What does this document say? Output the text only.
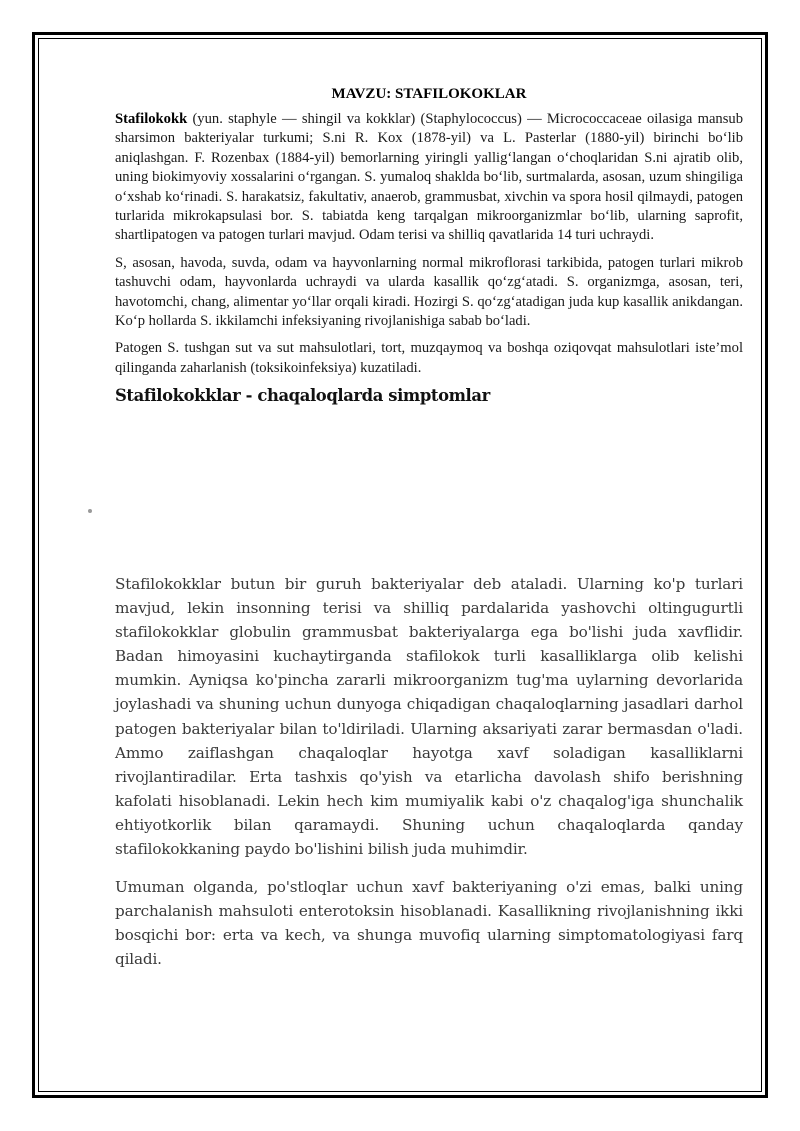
MAVZU: STAFILOKOKLAR

Stafilokokk (yun. staphyle — shingil va kokklar) (Staphylococcus) — Micrococcaceae oilasiga mansub sharsimon bakteriyalar turkumi; S.ni R. Kox (1878-yil) va L. Pasterlar (1880-yil) birinchi bo‘lib aniqlashgan. F. Rozenbax (1884-yil) bemorlarning yiringli yallig‘langan o‘choqlaridan S.ni ajratib olib, uning biokimyoviy xossalarini o‘rgangan. S. yumaloq shaklda bo‘lib, surtmalarda, asosan, uzum shingiliga o‘xshab ko‘rinadi. S. harakatsiz, fakultativ, anaerob, grammusbat, xivchin va spora hosil qilmaydi, patogen turlarida mikrokapsulasi bor. S. tabiatda keng tarqalgan mikroorganizmlar bo‘lib, ularning saprofit, shartlipatogen va patogen turlari mavjud. Odam terisi va shilliq qavatlarida 14 turi uchraydi.

S, asosan, havoda, suvda, odam va hayvonlarning normal mikroflorasi tarkibida, patogen turlari mikrob tashuvchi odam, hayvonlarda uchraydi va ularda kasallik qo‘zg‘atadi. S. organizmga, asosan, teri, havotomchi, chang, alimentar yo‘llar orqali kiradi. Hozirgi S. qo‘zg‘atadigan juda kup kasallik anikdangan. Ko‘p hollarda S. ikkilamchi infeksiyaning rivojlanishiga sabab bo‘ladi.

Patogen S. tushgan sut va sut mahsulotlari, tort, muzqaymoq va boshqa oziqovqat mahsulotlari iste’mol qilinganda zaharlanish (toksikoinfeksiya) kuzatiladi.

Stafilokokklar - chaqaloqlarda simptomlar

Stafilokokklar butun bir guruh bakteriyalar deb ataladi. Ularning ko'p turlari mavjud, lekin insonning terisi va shilliq pardalarida yashovchi oltingugurtli stafilokokklar globulin grammusbat bakteriyalarga ega bo'lishi juda xavflidir. Badan himoyasini kuchaytirganda stafilokok turli kasalliklarga olib kelishi mumkin. Ayniqsa ko'pincha zararli mikroorganizm tug'ma uylarning devorlarida joylashadi va shuning uchun dunyoga chiqadigan chaqaloqlarning jasadlari darhol patogen bakteriyalar bilan to'ldiriladi. Ularning aksariyati zarar bermasdan o'ladi. Ammo zaiflashgan chaqaloqlar hayotga xavf soladigan kasalliklarni rivojlantiradilar. Erta tashxis qo'yish va etarlicha davolash shifo berishning kafolati hisoblanadi. Lekin hech kim mumiyalik kabi o'z chaqalog'iga shunchalik ehtiyotkorlik bilan qaramaydi. Shuning uchun chaqaloqlarda qanday stafilokokkaning paydo bo'lishini bilish juda muhimdir.

Umuman olganda, po'stloqlar uchun xavf bakteriyaning o'zi emas, balki uning parchalanish mahsuloti enterotoksin hisoblanadi. Kasallikning rivojlanishning ikki bosqichi bor: erta va kech, va shunga muvofiq ularning simptomatologiyasi farq qiladi.
